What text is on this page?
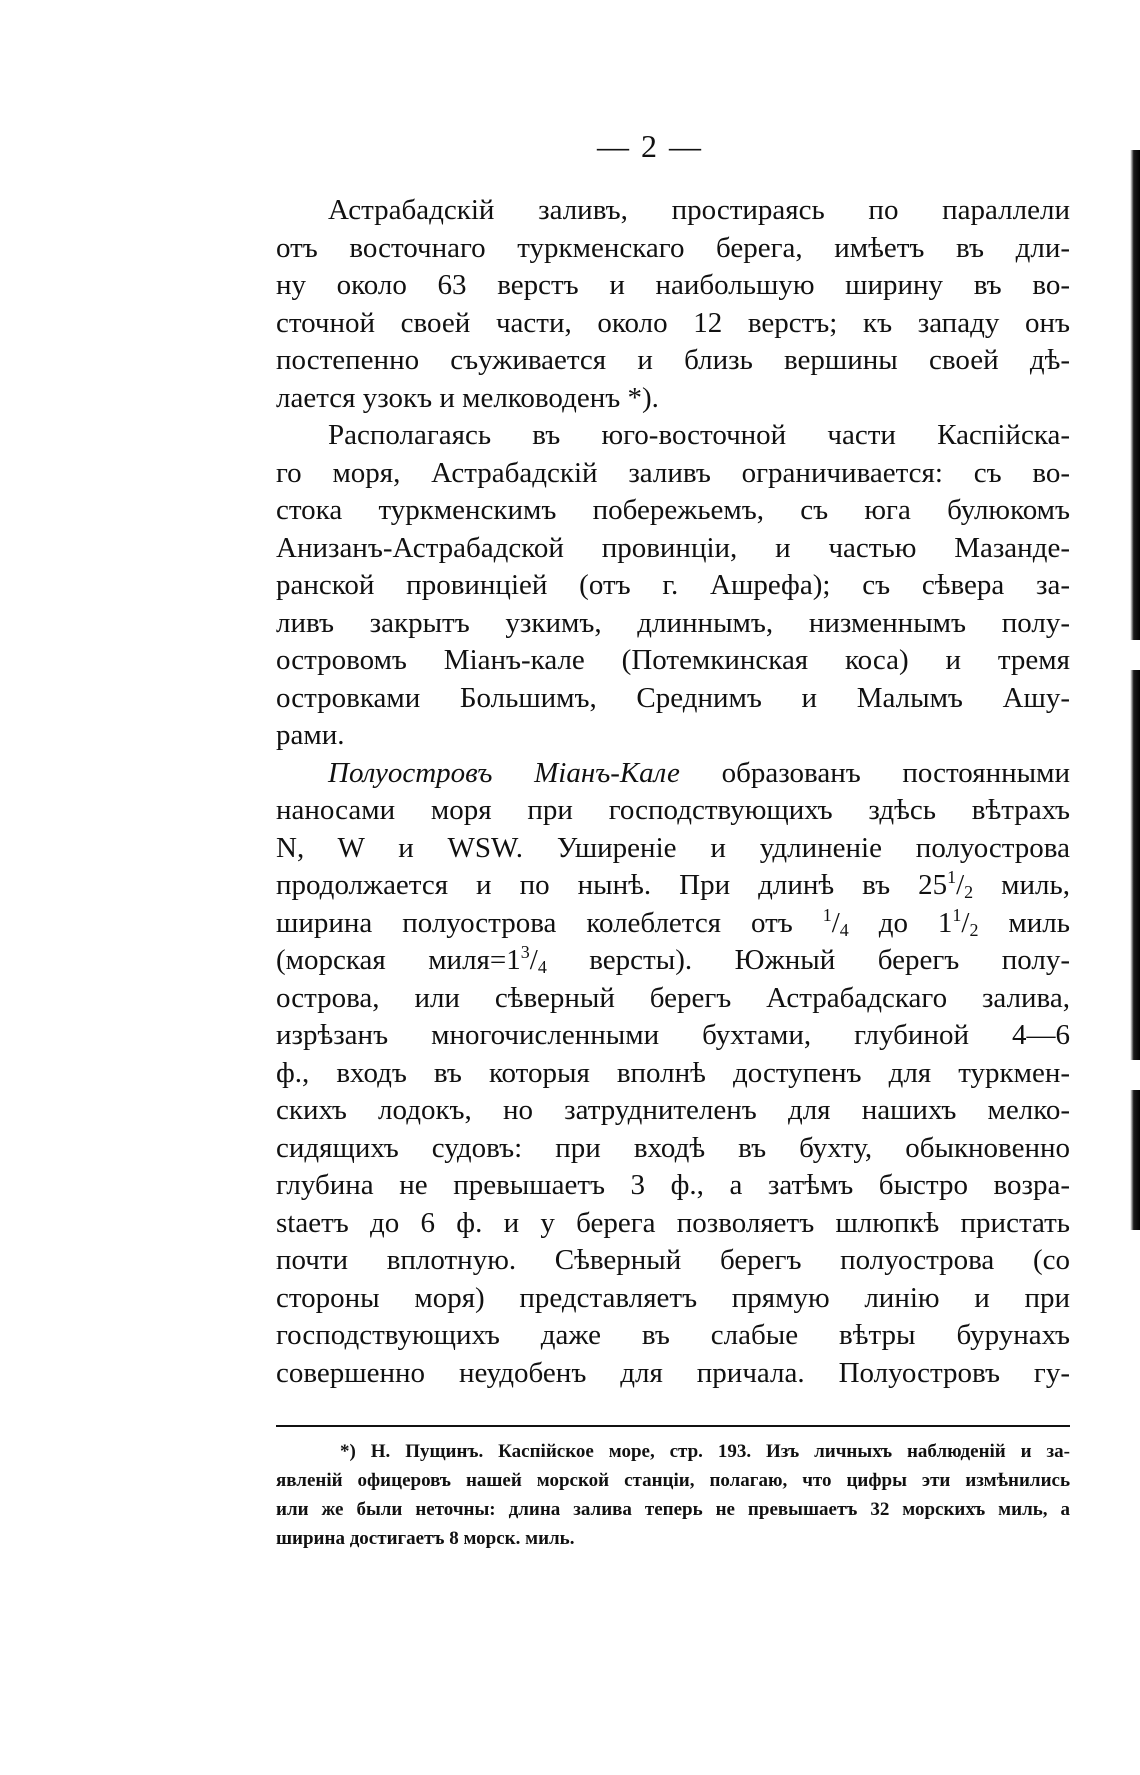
— 2 —

Астрабадскій заливъ, простираясь по параллели
отъ восточнаго туркменскаго берега, имѣетъ въ дли-
ну около 63 верстъ и наибольшую ширину въ во-
сточной своей части, около 12 верстъ; къ западу онъ
постепенно съуживается и близь вершины своей дѣ-
лается узокъ и мелководенъ *).

Располагаясь въ юго-восточной части Каспійска-
го моря, Астрабадскій заливъ ограничивается: съ во-
стока туркменскимъ побережьемъ, съ юга булюкомъ
Анизанъ-Астрабадской провинціи, и частью Мазанде-
ранской провинціей (отъ г. Ашрефа); съ сѣвера за-
ливъ закрытъ узкимъ, длиннымъ, низменнымъ полу-
островомъ Міанъ-кале (Потемкинская коса) и тремя
островками Большимъ, Среднимъ и Малымъ Ашу-
рами.

Полуостровъ Міанъ-Кале образованъ постоянными
наносами моря при господствующихъ здѣсь вѣтрахъ
N, W и WSW. Уширеніе и удлиненіе полуострова
продолжается и по нынѣ. При длинѣ въ $25^1/_2$ миль,
ширина полуострова колеблется отъ $^1/_4$ до $1^1/_2$ миль
(морская $миля=1^3/_4$ версты). Южный берегъ полу-
острова, или сѣверный берегъ Астрабадскаго залива,
изрѣзанъ многочисленными бухтами, глубиной 4—6
ф., входъ въ которыя вполнѣ доступенъ для туркмен-
скихъ лодокъ, но затруднителенъ для нашихъ мелко-
сидящихъ судовъ: при входѣ въ бухту, обыкновенно
глубина не превышаетъ 3 ф., а затѣмъ быстро возра-
staетъ до 6 ф. и у берега позволяетъ шлюпкѣ пристать
почти вплотную. Сѣверный берегъ полуострова (со
стороны моря) представляетъ прямую линію и при
господствующихъ даже въ слабые вѣтры бурунахъ
совершенно неудобенъ для причала. Полуостровъ гу-

*) Н. Пущинъ. Каспійское море, стр. 193. Изъ личныхъ наблюденій и за-
явленій офицеровъ нашей морской станціи, полагаю, что цифры эти измѣнились
или же были неточны: длина залива теперь не превышаетъ 32 морскихъ миль, а
ширина достигаетъ 8 морск. миль.
